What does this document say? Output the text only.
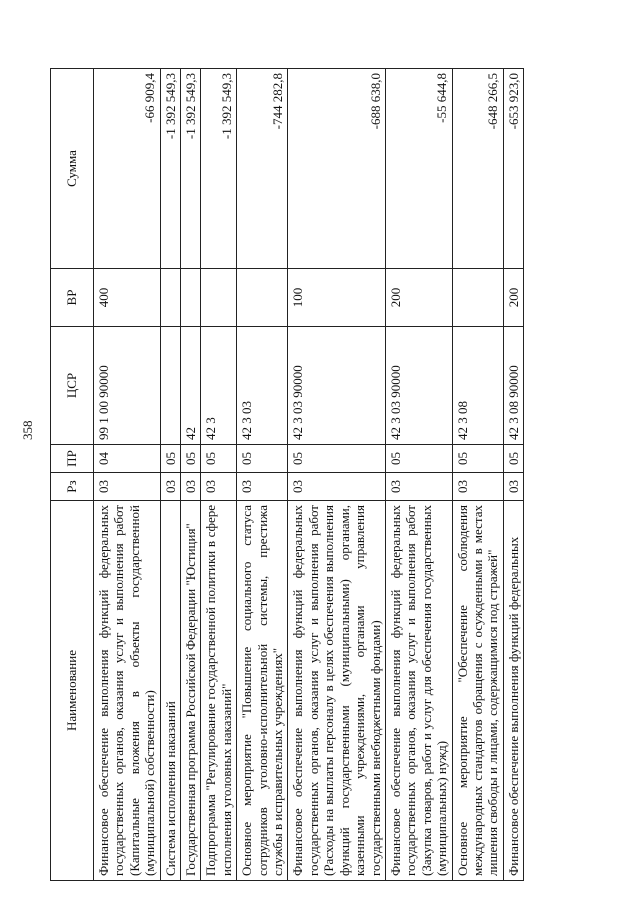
358
Наименование	Рз	ПР	ЦСР	ВР	Сумма
Финансовое обеспечение выполнения функций федеральных государственных органов, оказания услуг и выполнения работ (Капитальные вложения в объекты государственной (муниципальной) собственности)	03	04	99 1 00 90000	400	-66 909,4
Система исполнения наказаний	03	05			-1 392 549,3
Государственная программа Российской Федерации "Юстиция"	03	05	42		-1 392 549,3
Подпрограмма "Регулирование государственной политики в сфере исполнения уголовных наказаний"	03	05	42 3		-1 392 549,3
Основное мероприятие "Повышение социального статуса сотрудников уголовно-исполнительной системы, престижа службы в исправительных учреждениях"	03	05	42 3 03		-744 282,8
Финансовое обеспечение выполнения функций федеральных государственных органов, оказания услуг и выполнения работ (Расходы на выплаты персоналу в целях обеспечения выполнения функций государственными (муниципальными) органами, казенными учреждениями, органами управления государственными внебюджетными фондами)	03	05	42 3 03 90000	100	-688 638,0
Финансовое обеспечение выполнения функций федеральных государственных органов, оказания услуг и выполнения работ (Закупка товаров, работ и услуг для обеспечения государственных (муниципальных) нужд)	03	05	42 3 03 90000	200	-55 644,8
Основное мероприятие "Обеспечение соблюдения международных стандартов обращения с осужденными в местах лишения свободы и лицами, содержащимися под стражей"	03	05	42 3 08		-648 266,5
Финансовое обеспечение выполнения функций федеральных	03	05	42 3 08 90000	200	-653 923,0
